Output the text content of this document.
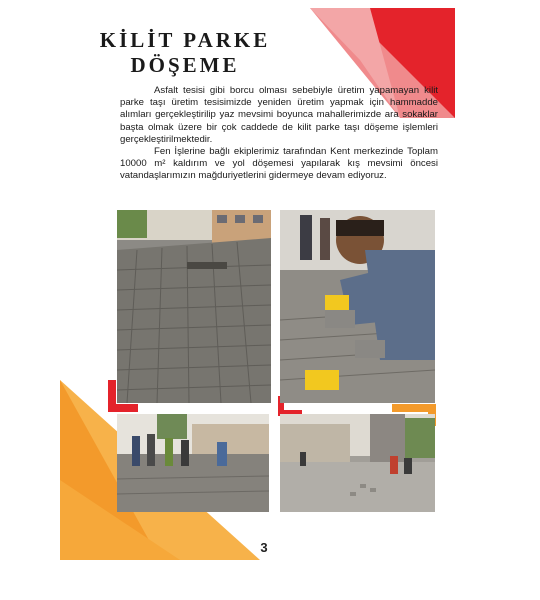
KİLİT PARKE
DÖŞEME

Asfalt tesisi gibi borcu olması sebebiyle üretim yapamayan kilit parke taşı üretim tesisimizde yeniden üretim yapmak için hammadde alımları gerçekleştirilip yaz mevsimi boyunca mahallerimizde ara sokaklar başta olmak üzere bir çok caddede de kilit parke taşı döşeme işlemleri gerçekleştirilmektedir.

Fen İşlerine bağlı ekiplerimiz tarafından Kent merkezinde Toplam 10000 m² kaldırım ve yol döşemesi yapılarak kış mevsimi öncesi vatandaşlarımızın mağduriyetlerini gidermeye devam ediyoruz.

3
